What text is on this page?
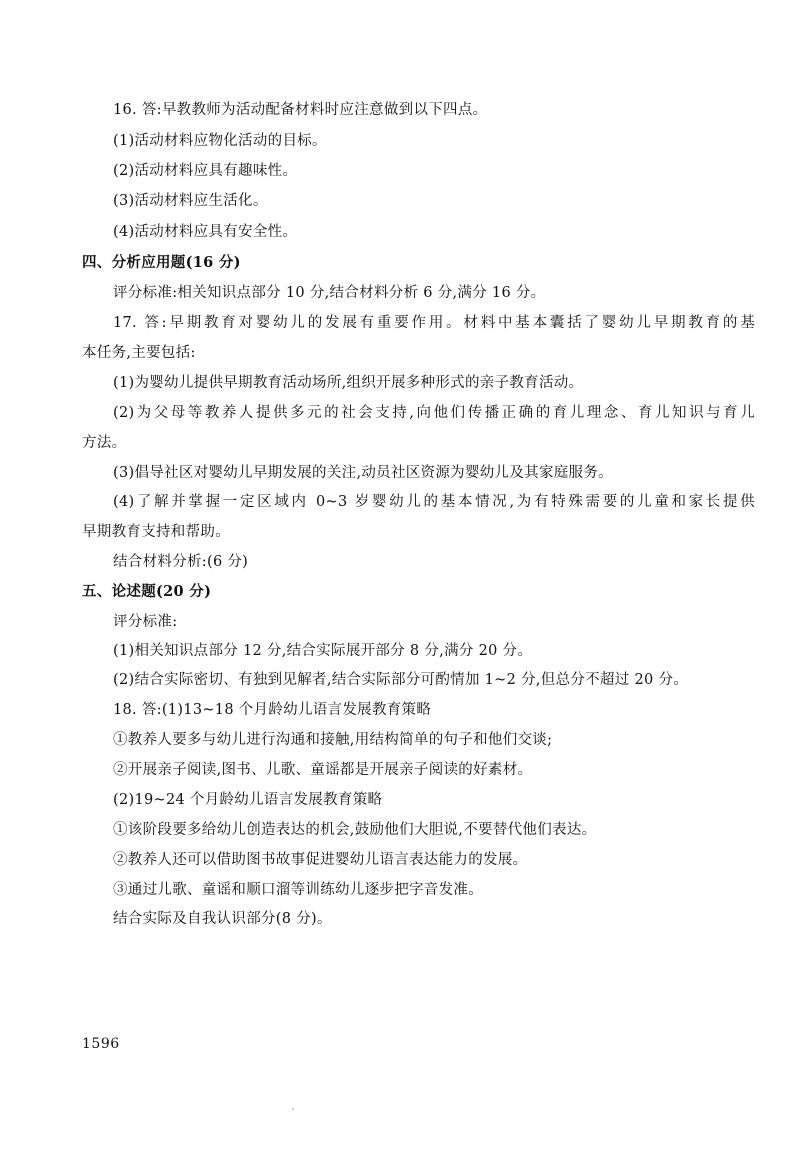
16. 答:早教教师为活动配备材料时应注意做到以下四点。
(1)活动材料应物化活动的目标。
(2)活动材料应具有趣味性。
(3)活动材料应生活化。
(4)活动材料应具有安全性。
四、分析应用题(16 分)
评分标准:相关知识点部分 10 分,结合材料分析 6 分,满分 16 分。
17. 答:早期教育对婴幼儿的发展有重要作用。材料中基本囊括了婴幼儿早期教育的基
本任务,主要包括:
(1)为婴幼儿提供早期教育活动场所,组织开展多种形式的亲子教育活动。
(2)为父母等教养人提供多元的社会支持,向他们传播正确的育儿理念、育儿知识与育儿
方法。
(3)倡导社区对婴幼儿早期发展的关注,动员社区资源为婴幼儿及其家庭服务。
(4)了解并掌握一定区域内 0~3 岁婴幼儿的基本情况,为有特殊需要的儿童和家长提供
早期教育支持和帮助。
结合材料分析:(6 分)
五、论述题(20 分)
评分标准:
(1)相关知识点部分 12 分,结合实际展开部分 8 分,满分 20 分。
(2)结合实际密切、有独到见解者,结合实际部分可酌情加 1~2 分,但总分不超过 20 分。
18. 答:(1)13~18 个月龄幼儿语言发展教育策略
①教养人要多与幼儿进行沟通和接触,用结构简单的句子和他们交谈;
②开展亲子阅读,图书、儿歌、童谣都是开展亲子阅读的好素材。
(2)19~24 个月龄幼儿语言发展教育策略
①该阶段要多给幼儿创造表达的机会,鼓励他们大胆说,不要替代他们表达。
②教养人还可以借助图书故事促进婴幼儿语言表达能力的发展。
③通过儿歌、童谣和顺口溜等训练幼儿逐步把字音发准。
结合实际及自我认识部分(8 分)。
1596
